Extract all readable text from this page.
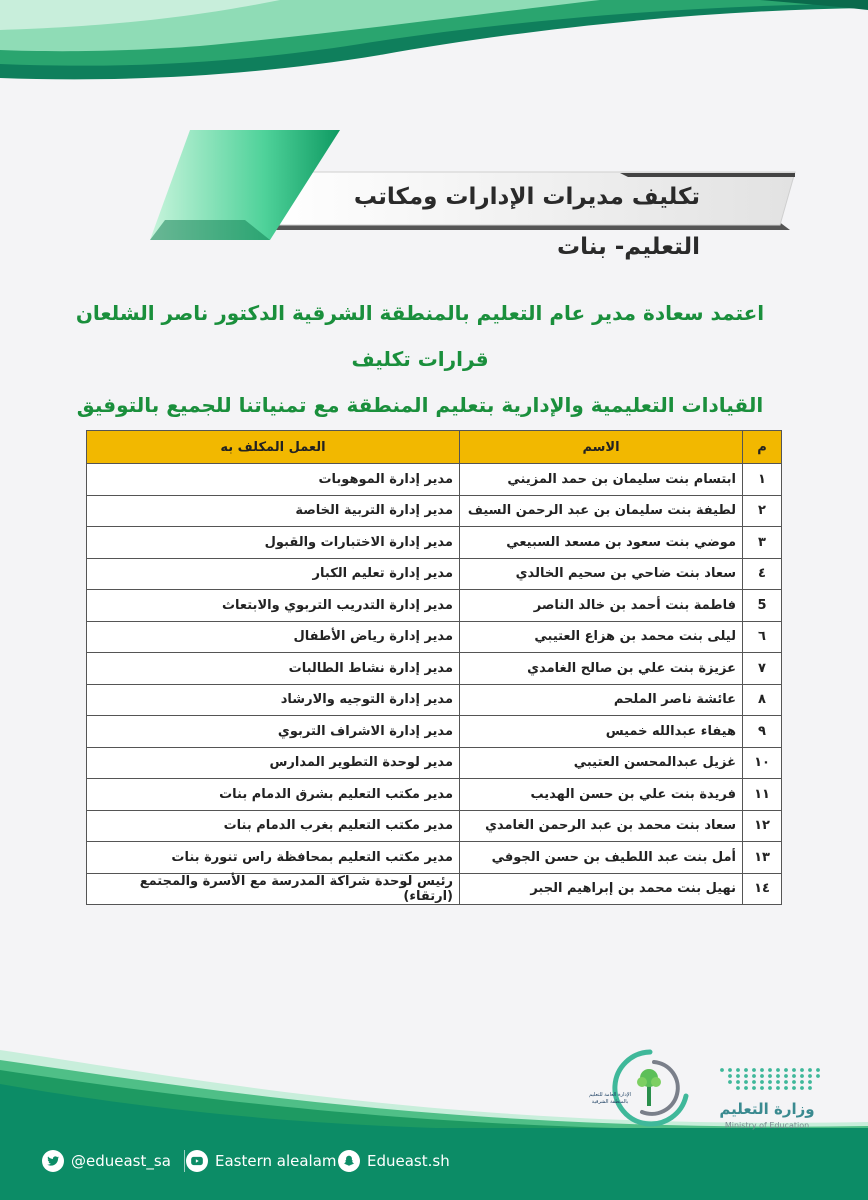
تكليف مديرات الإدارات ومكاتب التعليم- بنات

اعتمد سعادة مدير عام التعليم بالمنطقة الشرقية الدكتور ناصر الشلعان قرارات تكليف

القيادات التعليمية والإدارية بتعليم المنطقة مع تمنياتنا للجميع بالتوفيق

م	الاسم	العمل المكلف به
١	ابتسام بنت سليمان بن حمد المزيني	مدير إدارة الموهوبات
٢	لطيفة بنت سليمان بن عبد الرحمن السيف	مدير إدارة التربية الخاصة
٣	موضي بنت سعود بن مسعد السبيعي	مدير إدارة الاختبارات والقبول
٤	سعاد بنت ضاحي بن سحيم الخالدي	مدير إدارة تعليم الكبار
5	فاطمة بنت أحمد بن خالد الناصر	مدير إدارة التدريب التربوي والابتعاث
٦	ليلى بنت محمد بن هزاع العتيبي	مدير إدارة رياض الأطفال
٧	عزيزة بنت علي بن صالح الغامدي	مدير إدارة نشاط الطالبات
٨	عائشة ناصر الملحم	مدير إدارة التوجيه والارشاد
٩	هيفاء عبدالله خميس	مدير إدارة الاشراف التربوي
١٠	غزيل عبدالمحسن العتيبي	مدير لوحدة التطوير المدارس
١١	فريدة بنت علي بن حسن الهديب	مدير مكتب التعليم بشرق الدمام بنات
١٢	سعاد بنت محمد بن عبد الرحمن الغامدي	مدير مكتب التعليم بغرب الدمام بنات
١٣	أمل بنت عبد اللطيف بن حسن الجوفي	مدير مكتب التعليم بمحافظة راس تنورة بنات
١٤	نهيل بنت محمد بن إبراهيم الجبر	رئيس لوحدة شراكة المدرسة مع الأسرة والمجتمع (ارتقاء)
@edueast_sa	Eastern alealam Edueast.sh
وزارة التعليم
Ministry of Education
الإدارة العامة للتعليم بالمنطقة الشرقية
